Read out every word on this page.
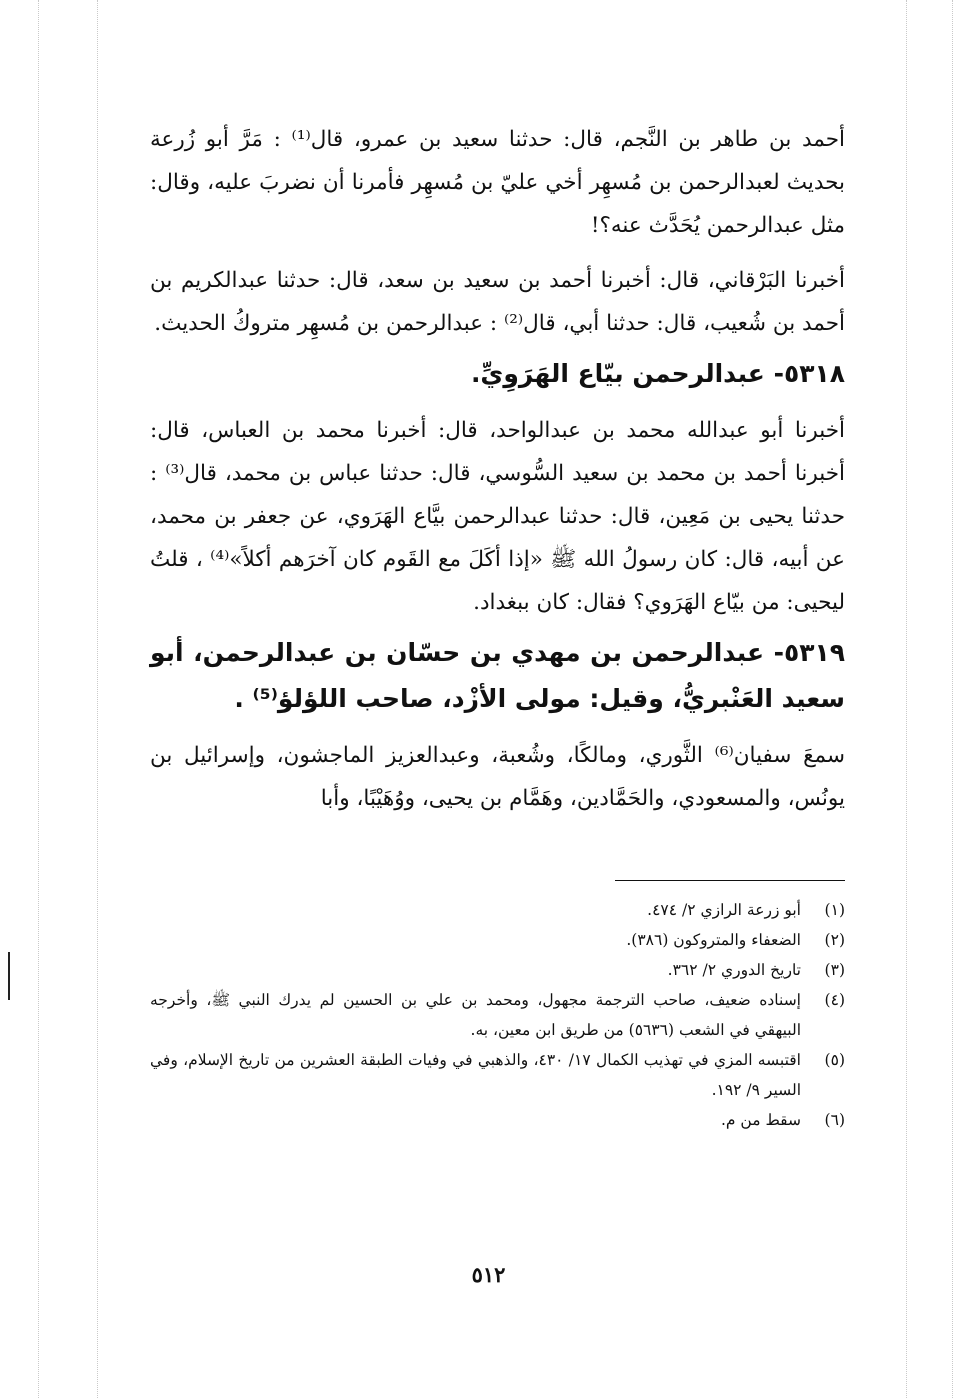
أحمد بن طاهر بن النَّجم، قال: حدثنا سعيد بن عمرو، قال⁽¹⁾ : مَرَّ أبو زُرعة بحديث لعبدالرحمن بن مُسهِر أخي عليّ بن مُسهِر فأمرنا أن نضربَ عليه، وقال: مثل عبدالرحمن يُحَدَّث عنه؟!

أخبرنا البَرْقاني، قال: أخبرنا أحمد بن سعيد بن سعد، قال: حدثنا عبدالكريم بن أحمد بن شُعيب، قال: حدثنا أبي، قال⁽²⁾ : عبدالرحمن بن مُسهِر متروكُ الحديث.

٥٣١٨- عبدالرحمن بيّاع الهَرَوِيِّ.

أخبرنا أبو عبدالله محمد بن عبدالواحد، قال: أخبرنا محمد بن العباس، قال: أخبرنا أحمد بن محمد بن سعيد السُّوسي، قال: حدثنا عباس بن محمد، قال⁽³⁾ : حدثنا يحيى بن مَعِين، قال: حدثنا عبدالرحمن بيَّاع الهَرَوي، عن جعفر بن محمد، عن أبيه، قال: كان رسولُ الله ﷺ «إذا أكَلَ مع القَوم كان آخرَهم أكلاً»⁽⁴⁾ ، قلتُ ليحيى: من بيّاع الهَرَوي؟ فقال: كان ببغداد.

٥٣١٩- عبدالرحمن بن مهدي بن حسّان بن عبدالرحمن، أبو سعيد العَنْبريُّ، وقيل: مولى الأزْد، صاحب اللؤلؤ⁽⁵⁾ .

سمعَ سفيان⁽⁶⁾ الثَّوري، ومالكًا، وشُعبة، وعبدالعزيز الماجشون، وإسرائيل بن يونُس، والمسعودي، والحَمَّادين، وهَمَّام بن يحيى، ووُهَيْبًا، وأبا

(١)
أبو زرعة الرازي ٢/ ٤٧٤.
(٢)
الضعفاء والمتروكون (٣٨٦).
(٣)
تاريخ الدوري ٢/ ٣٦٢.
(٤)
إسناده ضعيف، صاحب الترجمة مجهول، ومحمد بن علي بن الحسين لم يدرك النبي ﷺ، وأخرجه البيهقي في الشعب (٥٦٣٦) من طريق ابن معين، به.
(٥)
اقتبسه المزي في تهذيب الكمال ١٧/ ٤٣٠، والذهبي في وفيات الطبقة العشرين من تاريخ الإسلام، وفي السير ٩/ ١٩٢.
(٦)
سقط من م.
٥١٢
